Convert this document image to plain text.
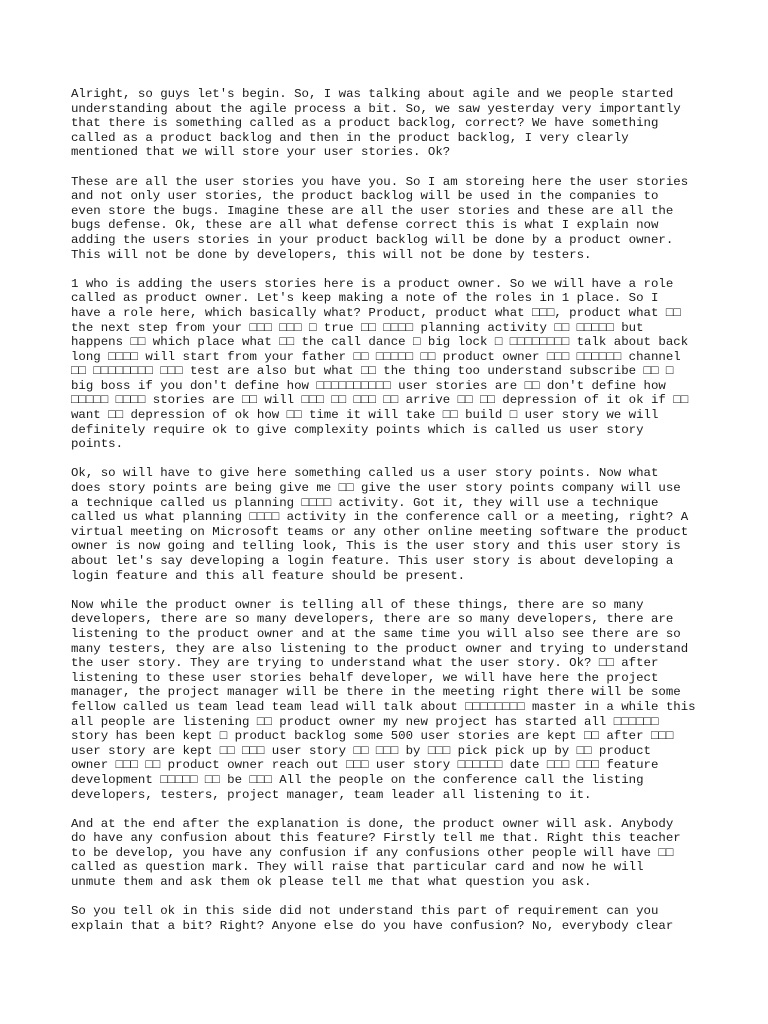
Alright, so guys let's begin. So, I was talking about agile and we people started
understanding about the agile process a bit. So, we saw yesterday very importantly
that there is something called as a product backlog, correct? We have something
called as a product backlog and then in the product backlog, I very clearly
mentioned that we will store your user stories. Ok?

These are all the user stories you have you. So I am storeing here the user stories
and not only user stories, the product backlog will be used in the companies to
even store the bugs. Imagine these are all the user stories and these are all the
bugs defense. Ok, these are all what defense correct this is what I explain now
adding the users stories in your product backlog will be done by a product owner.
This will not be done by developers, this will not be done by testers.

1 who is adding the users stories here is a product owner. So we will have a role
called as product owner. Let's keep making a note of the roles in 1 place. So I
have a role here, which basically what? Product, product what □□□, product what □□
the next step from your □□□ □□□ □ true □□ □□□□ planning activity □□ □□□□□ but
happens □□ which place what □□ the call dance □ big lock □ □□□□□□□□ talk about back
long □□□□ will start from your father □□ □□□□□ □□ product owner □□□ □□□□□□ channel
□□ □□□□□□□□ □□□ test are also but what □□ the thing too understand subscribe □□ □
big boss if you don't define how □□□□□□□□□□ user stories are □□ don't define how
□□□□□ □□□□ stories are □□ will □□□ □□ □□□ □□ arrive □□ □□ depression of it ok if □□
want □□ depression of ok how □□ time it will take □□ build □ user story we will
definitely require ok to give complexity points which is called us user story
points.

Ok, so will have to give here something called us a user story points. Now what
does story points are being give me □□ give the user story points company will use
a technique called us planning □□□□ activity. Got it, they will use a technique
called us what planning □□□□ activity in the conference call or a meeting, right? A
virtual meeting on Microsoft teams or any other online meeting software the product
owner is now going and telling look, This is the user story and this user story is
about let's say developing a login feature. This user story is about developing a
login feature and this all feature should be present.

Now while the product owner is telling all of these things, there are so many
developers, there are so many developers, there are so many developers, there are
listening to the product owner and at the same time you will also see there are so
many testers, they are also listening to the product owner and trying to understand
the user story. They are trying to understand what the user story. Ok? □□ after
listening to these user stories behalf developer, we will have here the project
manager, the project manager will be there in the meeting right there will be some
fellow called us team lead team lead will talk about □□□□□□□□ master in a while this
all people are listening □□ product owner my new project has started all □□□□□□
story has been kept □ product backlog some 500 user stories are kept □□ after □□□
user story are kept □□ □□□ user story □□ □□□ by □□□ pick pick up by □□ product
owner □□□ □□ product owner reach out □□□ user story □□□□□□ date □□□ □□□ feature
development □□□□□ □□ be □□□ All the people on the conference call the listing
developers, testers, project manager, team leader all listening to it.

And at the end after the explanation is done, the product owner will ask. Anybody
do have any confusion about this feature? Firstly tell me that. Right this teacher
to be develop, you have any confusion if any confusions other people will have □□
called as question mark. They will raise that particular card and now he will
unmute them and ask them ok please tell me that what question you ask.

So you tell ok in this side did not understand this part of requirement can you
explain that a bit? Right? Anyone else do you have confusion? No, everybody clear
